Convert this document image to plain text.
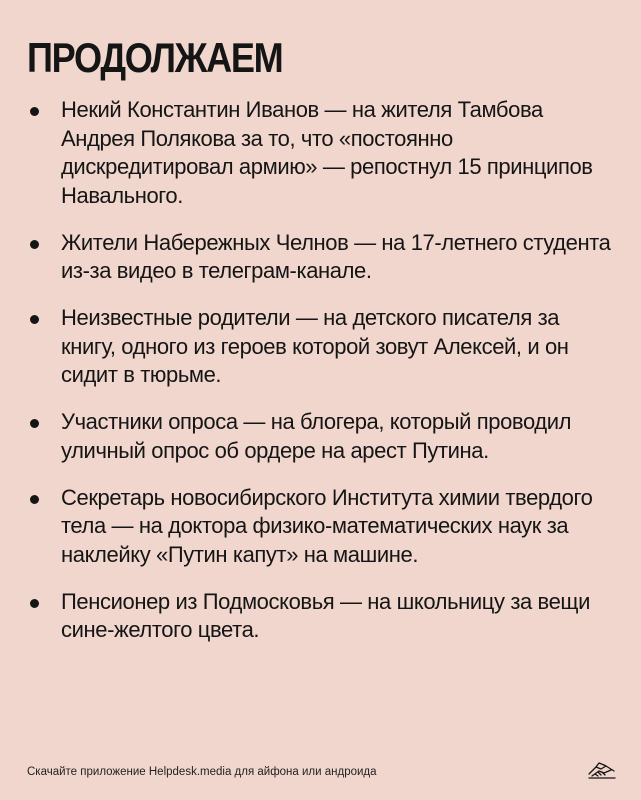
ПРОДОЛЖАЕМ
Некий Константин Иванов — на жителя Тамбова Андрея Полякова за то, что «постоянно дискредитировал армию» — репостнул 15 принципов Навального.
Жители Набережных Челнов — на 17-летнего студента из-за видео в телеграм-канале.
Неизвестные родители — на детского писателя за книгу, одного из героев которой зовут Алексей, и он сидит в тюрьме.
Участники опроса — на блогера, который проводил уличный опрос об ордере на арест Путина.
Секретарь новосибирского Института химии твердого тела — на доктора физико-математических наук за наклейку «Путин капут» на машине.
Пенсионер из Подмосковья — на школьницу за вещи сине-желтого цвета.
Скачайте приложение Helpdesk.media для айфона или андроида
